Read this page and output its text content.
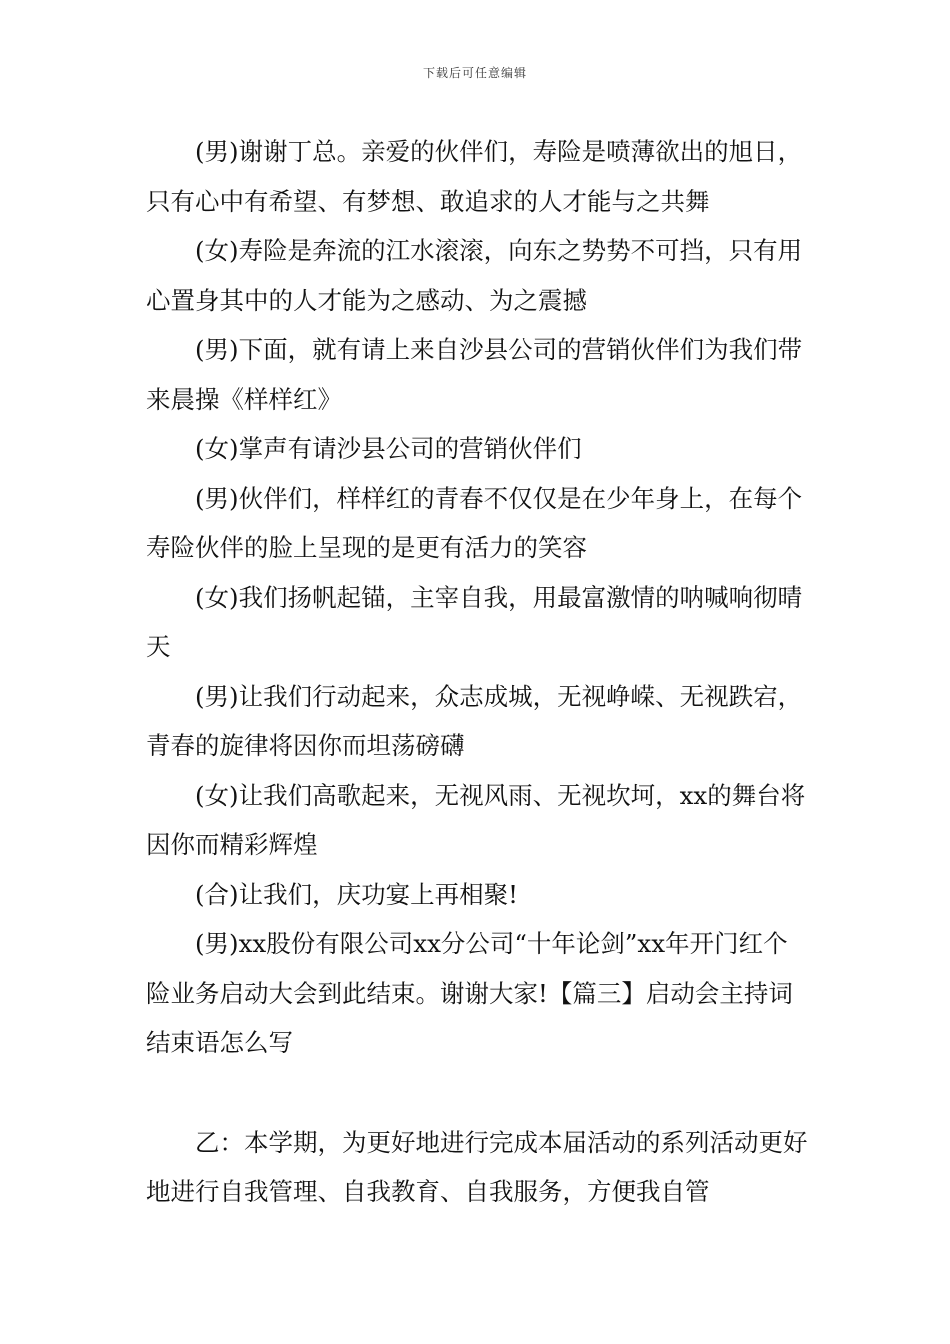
下载后可任意编辑

(男)谢谢丁总。亲爱的伙伴们，寿险是喷薄欲出的旭日，只有心中有希望、有梦想、敢追求的人才能与之共舞

(女)寿险是奔流的江水滚滚，向东之势势不可挡，只有用心置身其中的人才能为之感动、为之震撼

(男)下面，就有请上来自沙县公司的营销伙伴们为我们带来晨操《样样红》

(女)掌声有请沙县公司的营销伙伴们

(男)伙伴们，样样红的青春不仅仅是在少年身上，在每个寿险伙伴的脸上呈现的是更有活力的笑容

(女)我们扬帆起锚，主宰自我，用最富激情的呐喊响彻晴天

(男)让我们行动起来，众志成城，无视峥嵘、无视跌宕，青春的旋律将因你而坦荡磅礴

(女)让我们高歌起来，无视风雨、无视坎坷，xx的舞台将因你而精彩辉煌

(合)让我们，庆功宴上再相聚!

(男)xx股份有限公司xx分公司“十年论剑”xx年开门红个险业务启动大会到此结束。谢谢大家!【篇三】启动会主持词结束语怎么写

乙：本学期，为更好地进行完成本届活动的系列活动更好地进行自我管理、自我教育、自我服务，方便我自管
